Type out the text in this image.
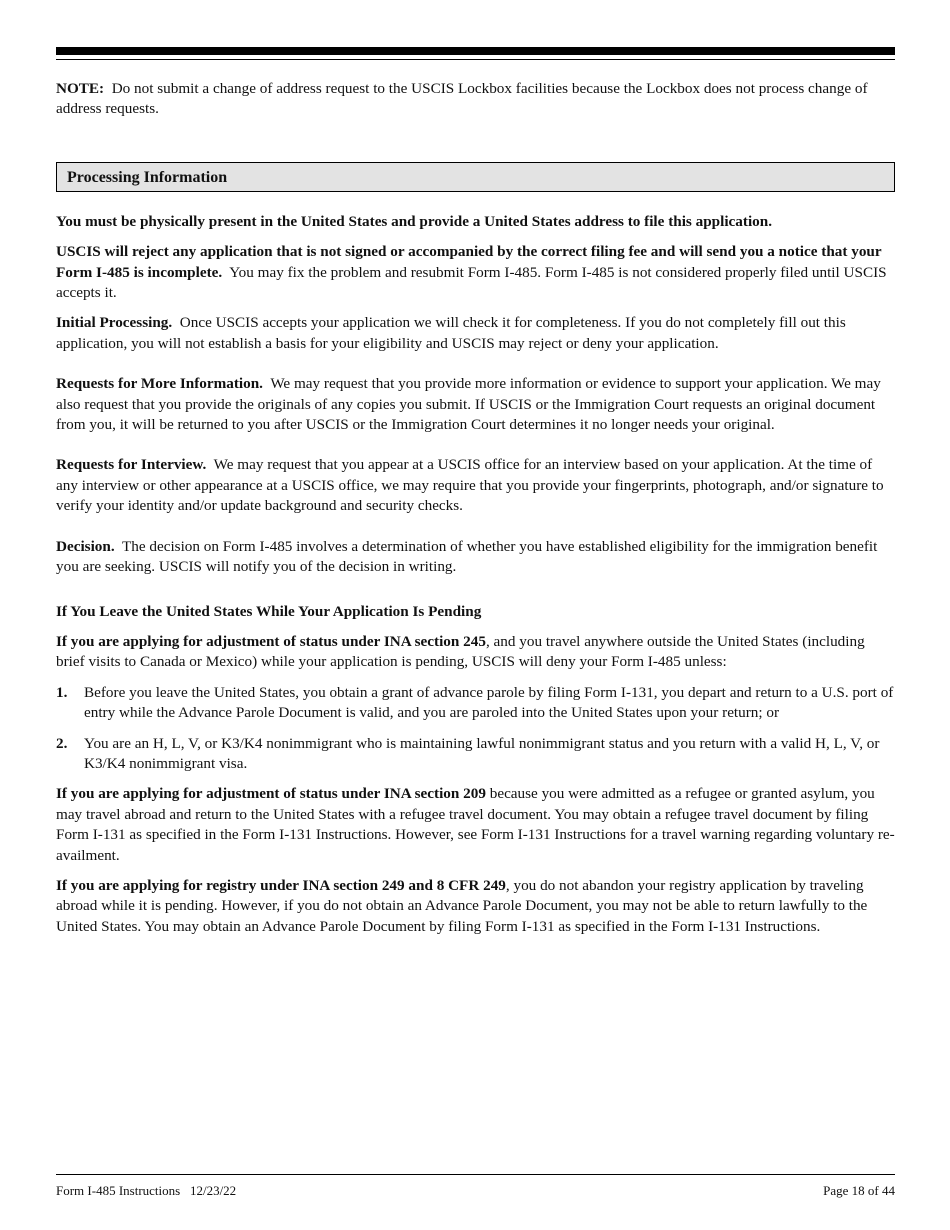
NOTE: Do not submit a change of address request to the USCIS Lockbox facilities because the Lockbox does not process change of address requests.

Processing Information

You must be physically present in the United States and provide a United States address to file this application.

USCIS will reject any application that is not signed or accompanied by the correct filing fee and will send you a notice that your Form I-485 is incomplete. You may fix the problem and resubmit Form I-485. Form I-485 is not considered properly filed until USCIS accepts it.

Initial Processing. Once USCIS accepts your application we will check it for completeness. If you do not completely fill out this application, you will not establish a basis for your eligibility and USCIS may reject or deny your application.

Requests for More Information. We may request that you provide more information or evidence to support your application. We may also request that you provide the originals of any copies you submit. If USCIS or the Immigration Court requests an original document from you, it will be returned to you after USCIS or the Immigration Court determines it no longer needs your original.

Requests for Interview. We may request that you appear at a USCIS office for an interview based on your application. At the time of any interview or other appearance at a USCIS office, we may require that you provide your fingerprints, photograph, and/or signature to verify your identity and/or update background and security checks.

Decision. The decision on Form I-485 involves a determination of whether you have established eligibility for the immigration benefit you are seeking. USCIS will notify you of the decision in writing.

If You Leave the United States While Your Application Is Pending

If you are applying for adjustment of status under INA section 245, and you travel anywhere outside the United States (including brief visits to Canada or Mexico) while your application is pending, USCIS will deny your Form I-485 unless:

1. Before you leave the United States, you obtain a grant of advance parole by filing Form I-131, you depart and return to a U.S. port of entry while the Advance Parole Document is valid, and you are paroled into the United States upon your return; or
2. You are an H, L, V, or K3/K4 nonimmigrant who is maintaining lawful nonimmigrant status and you return with a valid H, L, V, or K3/K4 nonimmigrant visa.

If you are applying for adjustment of status under INA section 209 because you were admitted as a refugee or granted asylum, you may travel abroad and return to the United States with a refugee travel document. You may obtain a refugee travel document by filing Form I-131 as specified in the Form I-131 Instructions. However, see Form I-131 Instructions for a travel warning regarding voluntary re-availment.

If you are applying for registry under INA section 249 and 8 CFR 249, you do not abandon your registry application by traveling abroad while it is pending. However, if you do not obtain an Advance Parole Document, you may not be able to return lawfully to the United States. You may obtain an Advance Parole Document by filing Form I-131 as specified in the Form I-131 Instructions.

Form I-485 Instructions   12/23/22	Page 18 of 44
